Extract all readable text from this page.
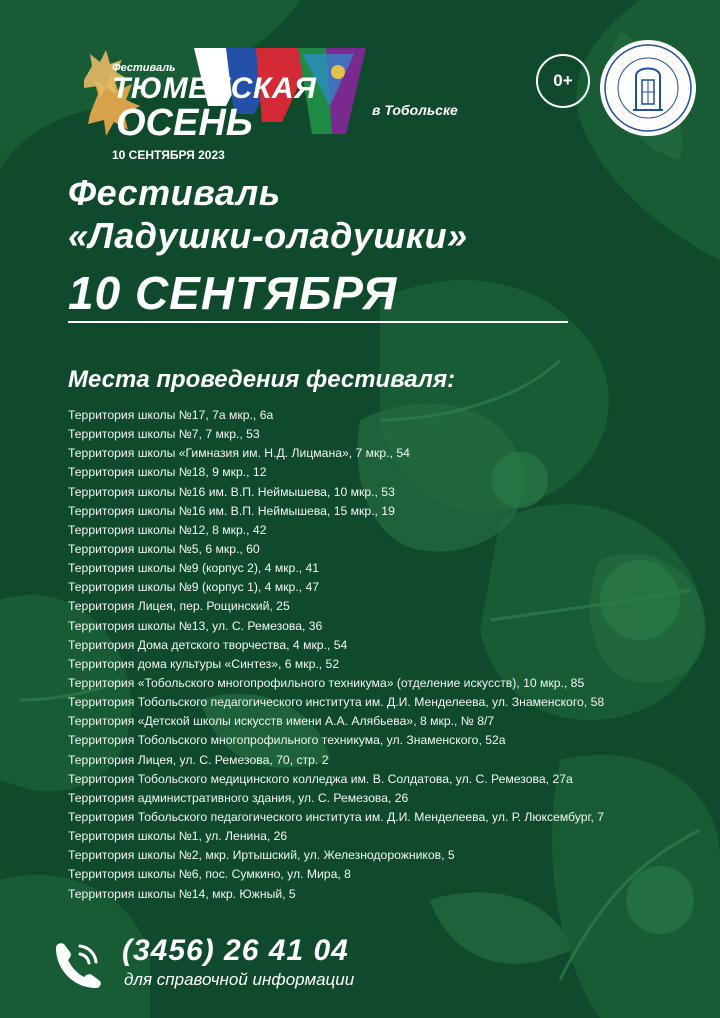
Фестиваль
ТЮМЕНСКАЯ
ОСЕНЬ
10 СЕНТЯБРЯ 2023
в Тобольске
0+
Фестиваль
«Ладушки-оладушки»
10 СЕНТЯБРЯ
Места проведения фестиваля:
Территория школы №17, 7а мкр., 6а
Территория школы №7, 7 мкр., 53
Территория школы «Гимназия им. Н.Д. Лицмана», 7 мкр., 54
Территория школы №18, 9 мкр., 12
Территория школы №16 им. В.П. Неймышева, 10 мкр., 53
Территория школы №16 им. В.П. Неймышева, 15 мкр., 19
Территория школы №12, 8 мкр., 42
Территория школы №5, 6 мкр., 60
Территория школы №9 (корпус 2), 4 мкр., 41
Территория школы №9 (корпус 1), 4 мкр., 47
Территория Лицея, пер. Рощинский, 25
Территория школы №13, ул. С. Ремезова, 36
Территория Дома детского творчества, 4 мкр., 54
Территория дома культуры «Синтез», 6 мкр., 52
Территория «Тобольского многопрофильного техникума» (отделение искусств), 10 мкр., 85
Территория Тобольского педагогического института им. Д.И. Менделеева, ул. Знаменского, 58
Территория «Детской школы искусств имени А.А. Алябьева», 8 мкр., № 8/7
Территория Тобольского многопрофильного техникума, ул. Знаменского, 52а
Территория Лицея, ул. С. Ремезова, 70, стр. 2
Территория Тобольского медицинского колледжа им. В. Солдатова, ул. С. Ремезова, 27а
Территория административного здания, ул. С. Ремезова, 26
Территория Тобольского педагогического института им. Д.И. Менделеева, ул. Р. Люксембург, 7
Территория школы №1, ул. Ленина, 26
Территория школы №2, мкр. Иртышский, ул. Железнодорожников, 5
Территория школы №6, пос. Сумкино, ул. Мира, 8
Территория школы №14, мкр. Южный, 5
(3456) 26 41 04
для справочной информации
